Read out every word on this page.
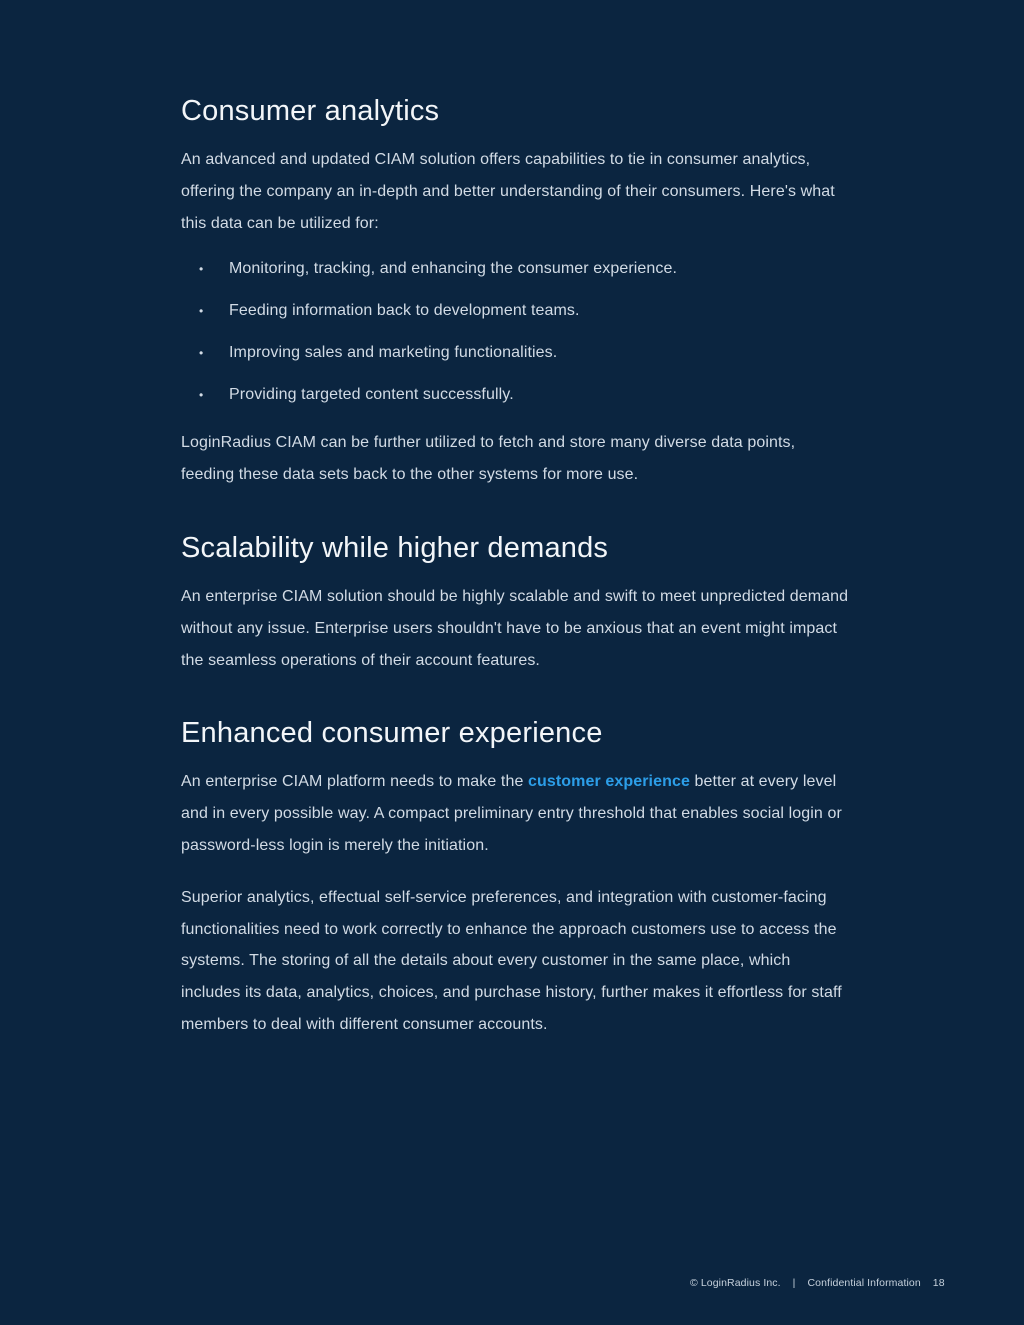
Consumer analytics

An advanced and updated CIAM solution offers capabilities to tie in consumer analytics, offering the company an in-depth and better understanding of their consumers. Here's what this data can be utilized for:

• Monitoring, tracking, and enhancing the consumer experience.
• Feeding information back to development teams.
• Improving sales and marketing functionalities.
• Providing targeted content successfully.

LoginRadius CIAM can be further utilized to fetch and store many diverse data points, feeding these data sets back to the other systems for more use.

Scalability while higher demands

An enterprise CIAM solution should be highly scalable and swift to meet unpredicted demand without any issue. Enterprise users shouldn't have to be anxious that an event might impact the seamless operations of their account features.

Enhanced consumer experience

An enterprise CIAM platform needs to make the customer experience better at every level and in every possible way. A compact preliminary entry threshold that enables social login or password-less login is merely the initiation.

Superior analytics, effectual self-service preferences, and integration with customer-facing functionalities need to work correctly to enhance the approach customers use to access the systems. The storing of all the details about every customer in the same place, which includes its data, analytics, choices, and purchase history, further makes it effortless for staff members to deal with different consumer accounts.

© LoginRadius Inc. | Confidential Information 18
